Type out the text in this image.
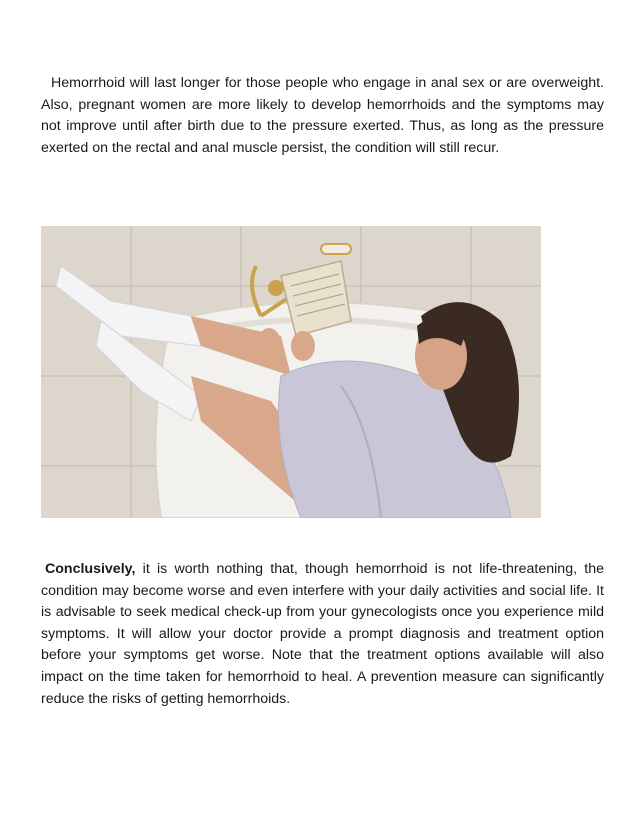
Hemorrhoid will last longer for those people who engage in anal sex or are overweight. Also, pregnant women are more likely to develop hemorrhoids and the symptoms may not improve until after birth due to the pressure exerted. Thus, as long as the pressure exerted on the rectal and anal muscle persist, the condition will still recur.

Conclusively, it is worth nothing that, though hemorrhoid is not life-threatening, the condition may become worse and even interfere with your daily activities and social life. It is advisable to seek medical check-up from your gynecologists once you experience mild symptoms. It will allow your doctor provide a prompt diagnosis and treatment option before your symptoms get worse. Note that the treatment options available will also impact on the time taken for hemorrhoid to heal. A prevention measure can significantly reduce the risks of getting hemorrhoids.
